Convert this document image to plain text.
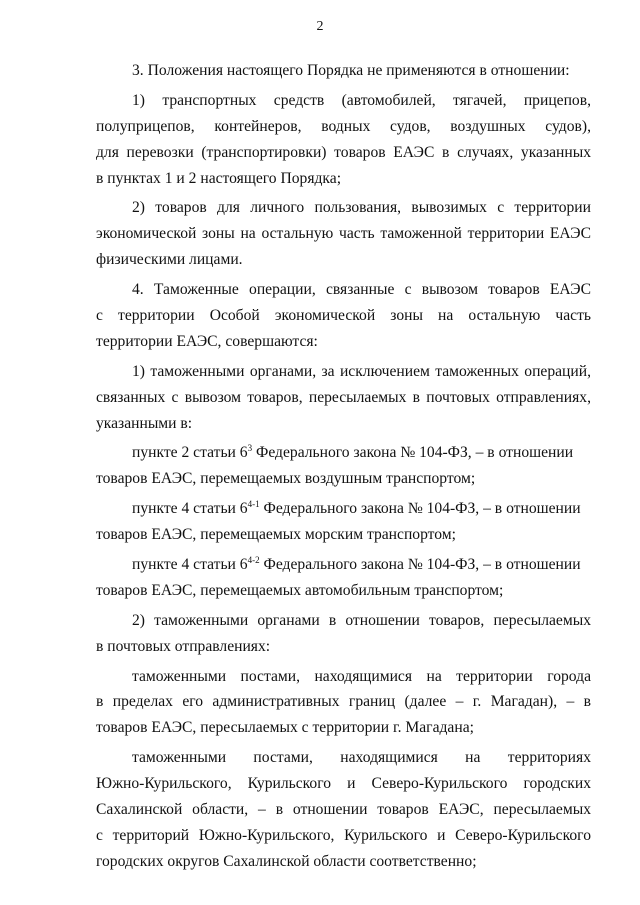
2
3. Положения настоящего Порядка не применяются в отношении:
1) транспортных средств (автомобилей, тягачей, прицепов,
полуприцепов, контейнеров, водных судов, воздушных судов),
для перевозки (транспортировки) товаров ЕАЭС в случаях, указанных
в пунктах 1 и 2 настоящего Порядка;
2) товаров для личного пользования, вывозимых с территории
экономической зоны на остальную часть таможенной территории ЕАЭС
физическими лицами.
4. Таможенные операции, связанные с вывозом товаров ЕАЭС
с территории Особой экономической зоны на остальную часть
территории ЕАЭС, совершаются:
1) таможенными органами, за исключением таможенных операций,
связанных с вывозом товаров, пересылаемых в почтовых отправлениях,
указанными в:
пункте 2 статьи $6^3$ Федерального закона № 104-ФЗ, – в отношении
товаров ЕАЭС, перемещаемых воздушным транспортом;
пункте 4 статьи 6$^{4-1}$ Федерального закона № 104-ФЗ, – в отношении
товаров ЕАЭС, перемещаемых морским транспортом;
пункте 4 статьи 6$^{4-2}$ Федерального закона № 104-ФЗ, – в отношении
товаров ЕАЭС, перемещаемых автомобильным транспортом;
2) таможенными органами в отношении товаров, пересылаемых
в почтовых отправлениях:
таможенными постами, находящимися на территории города
в пределах его административных границ (далее – г. Магадан), – в
товаров ЕАЭС, пересылаемых с территории г. Магадана;
таможенными постами, находящимися на территориях
Южно-Курильского, Курильского и Северо-Курильского городских
Сахалинской области, – в отношении товаров ЕАЭС, пересылаемых
с территорий Южно-Курильского, Курильского и Северо-Курильского
городских округов Сахалинской области соответственно;
